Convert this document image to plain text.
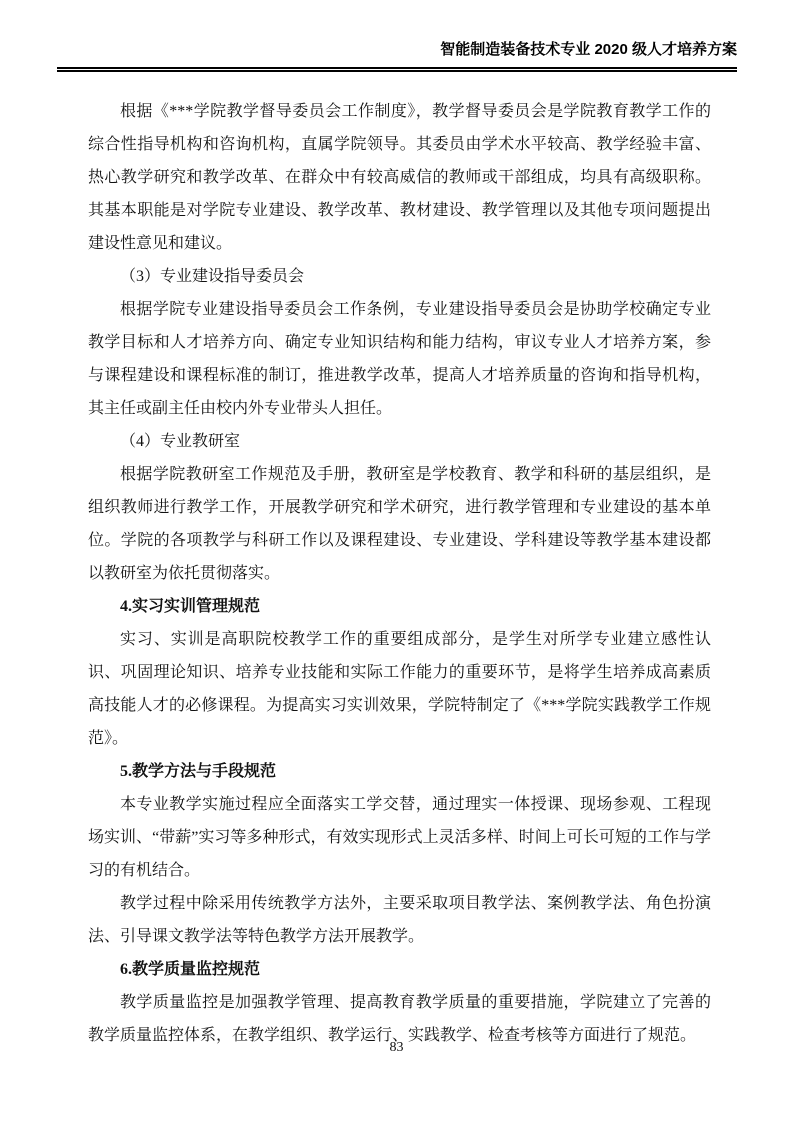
智能制造装备技术专业 2020 级人才培养方案

根据《***学院教学督导委员会工作制度》，教学督导委员会是学院教育教学工作的综合性指导机构和咨询机构，直属学院领导。其委员由学术水平较高、教学经验丰富、热心教学研究和教学改革、在群众中有较高威信的教师或干部组成，均具有高级职称。其基本职能是对学院专业建设、教学改革、教材建设、教学管理以及其他专项问题提出建设性意见和建议。

（3）专业建设指导委员会

根据学院专业建设指导委员会工作条例，专业建设指导委员会是协助学校确定专业教学目标和人才培养方向、确定专业知识结构和能力结构，审议专业人才培养方案，参与课程建设和课程标准的制订，推进教学改革，提高人才培养质量的咨询和指导机构，其主任或副主任由校内外专业带头人担任。

（4）专业教研室

根据学院教研室工作规范及手册，教研室是学校教育、教学和科研的基层组织，是组织教师进行教学工作，开展教学研究和学术研究，进行教学管理和专业建设的基本单位。学院的各项教学与科研工作以及课程建设、专业建设、学科建设等教学基本建设都以教研室为依托贯彻落实。

4.实习实训管理规范

实习、实训是高职院校教学工作的重要组成部分，是学生对所学专业建立感性认识、巩固理论知识、培养专业技能和实际工作能力的重要环节，是将学生培养成高素质高技能人才的必修课程。为提高实习实训效果，学院特制定了《***学院实践教学工作规范》。

5.教学方法与手段规范

本专业教学实施过程应全面落实工学交替，通过理实一体授课、现场参观、工程现场实训、“带薪”实习等多种形式，有效实现形式上灵活多样、时间上可长可短的工作与学习的有机结合。

教学过程中除采用传统教学方法外，主要采取项目教学法、案例教学法、角色扮演法、引导课文教学法等特色教学方法开展教学。

6.教学质量监控规范

教学质量监控是加强教学管理、提高教育教学质量的重要措施，学院建立了完善的教学质量监控体系，在教学组织、教学运行、实践教学、检查考核等方面进行了规范。

83
